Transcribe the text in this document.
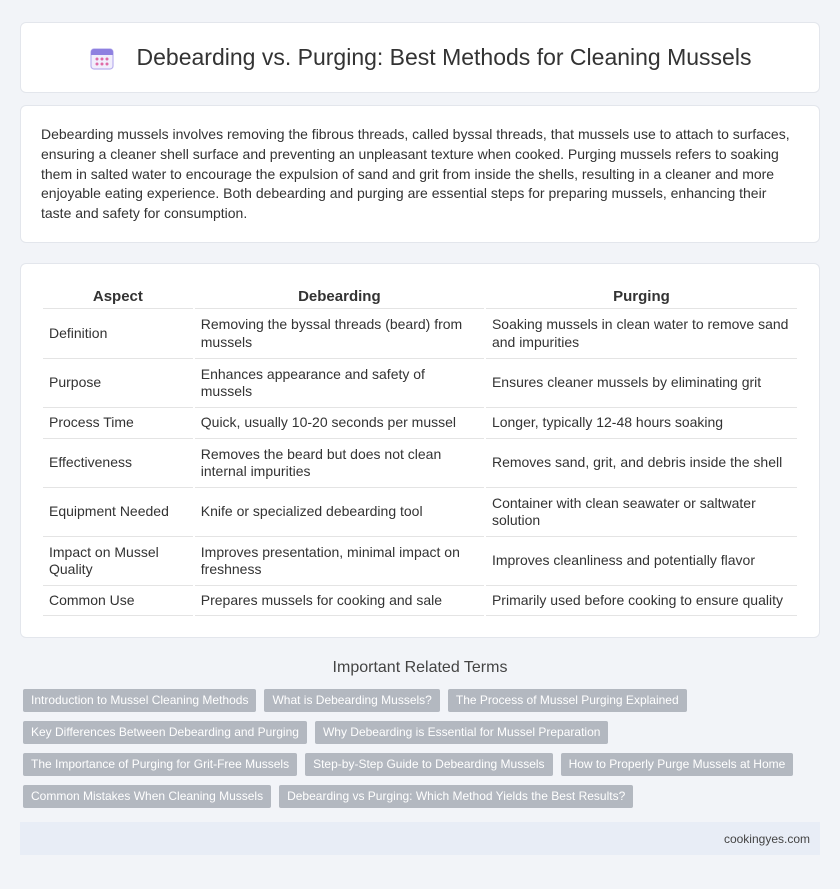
Debearding vs. Purging: Best Methods for Cleaning Mussels

Debearding mussels involves removing the fibrous threads, called byssal threads, that mussels use to attach to surfaces, ensuring a cleaner shell surface and preventing an unpleasant texture when cooked. Purging mussels refers to soaking them in salted water to encourage the expulsion of sand and grit from inside the shells, resulting in a cleaner and more enjoyable eating experience. Both debearding and purging are essential steps for preparing mussels, enhancing their taste and safety for consumption.

Aspect	Debearding	Purging
Definition	Removing the byssal threads (beard) from mussels	Soaking mussels in clean water to remove sand and impurities
Purpose	Enhances appearance and safety of mussels	Ensures cleaner mussels by eliminating grit
Process Time	Quick, usually 10-20 seconds per mussel	Longer, typically 12-48 hours soaking
Effectiveness	Removes the beard but does not clean internal impurities	Removes sand, grit, and debris inside the shell
Equipment Needed	Knife or specialized debearding tool	Container with clean seawater or saltwater solution
Impact on Mussel Quality	Improves presentation, minimal impact on freshness	Improves cleanliness and potentially flavor
Common Use	Prepares mussels for cooking and sale	Primarily used before cooking to ensure quality
Important Related Terms
Introduction to Mussel Cleaning Methods	What is Debearding Mussels?	The Process of Mussel Purging Explained
Key Differences Between Debearding and Purging	Why Debearding is Essential for Mussel Preparation
The Importance of Purging for Grit-Free Mussels	Step-by-Step Guide to Debearding Mussels	How to Properly Purge Mussels at Home
Common Mistakes When Cleaning Mussels	Debearding vs Purging: Which Method Yields the Best Results?
cookingyes.com
